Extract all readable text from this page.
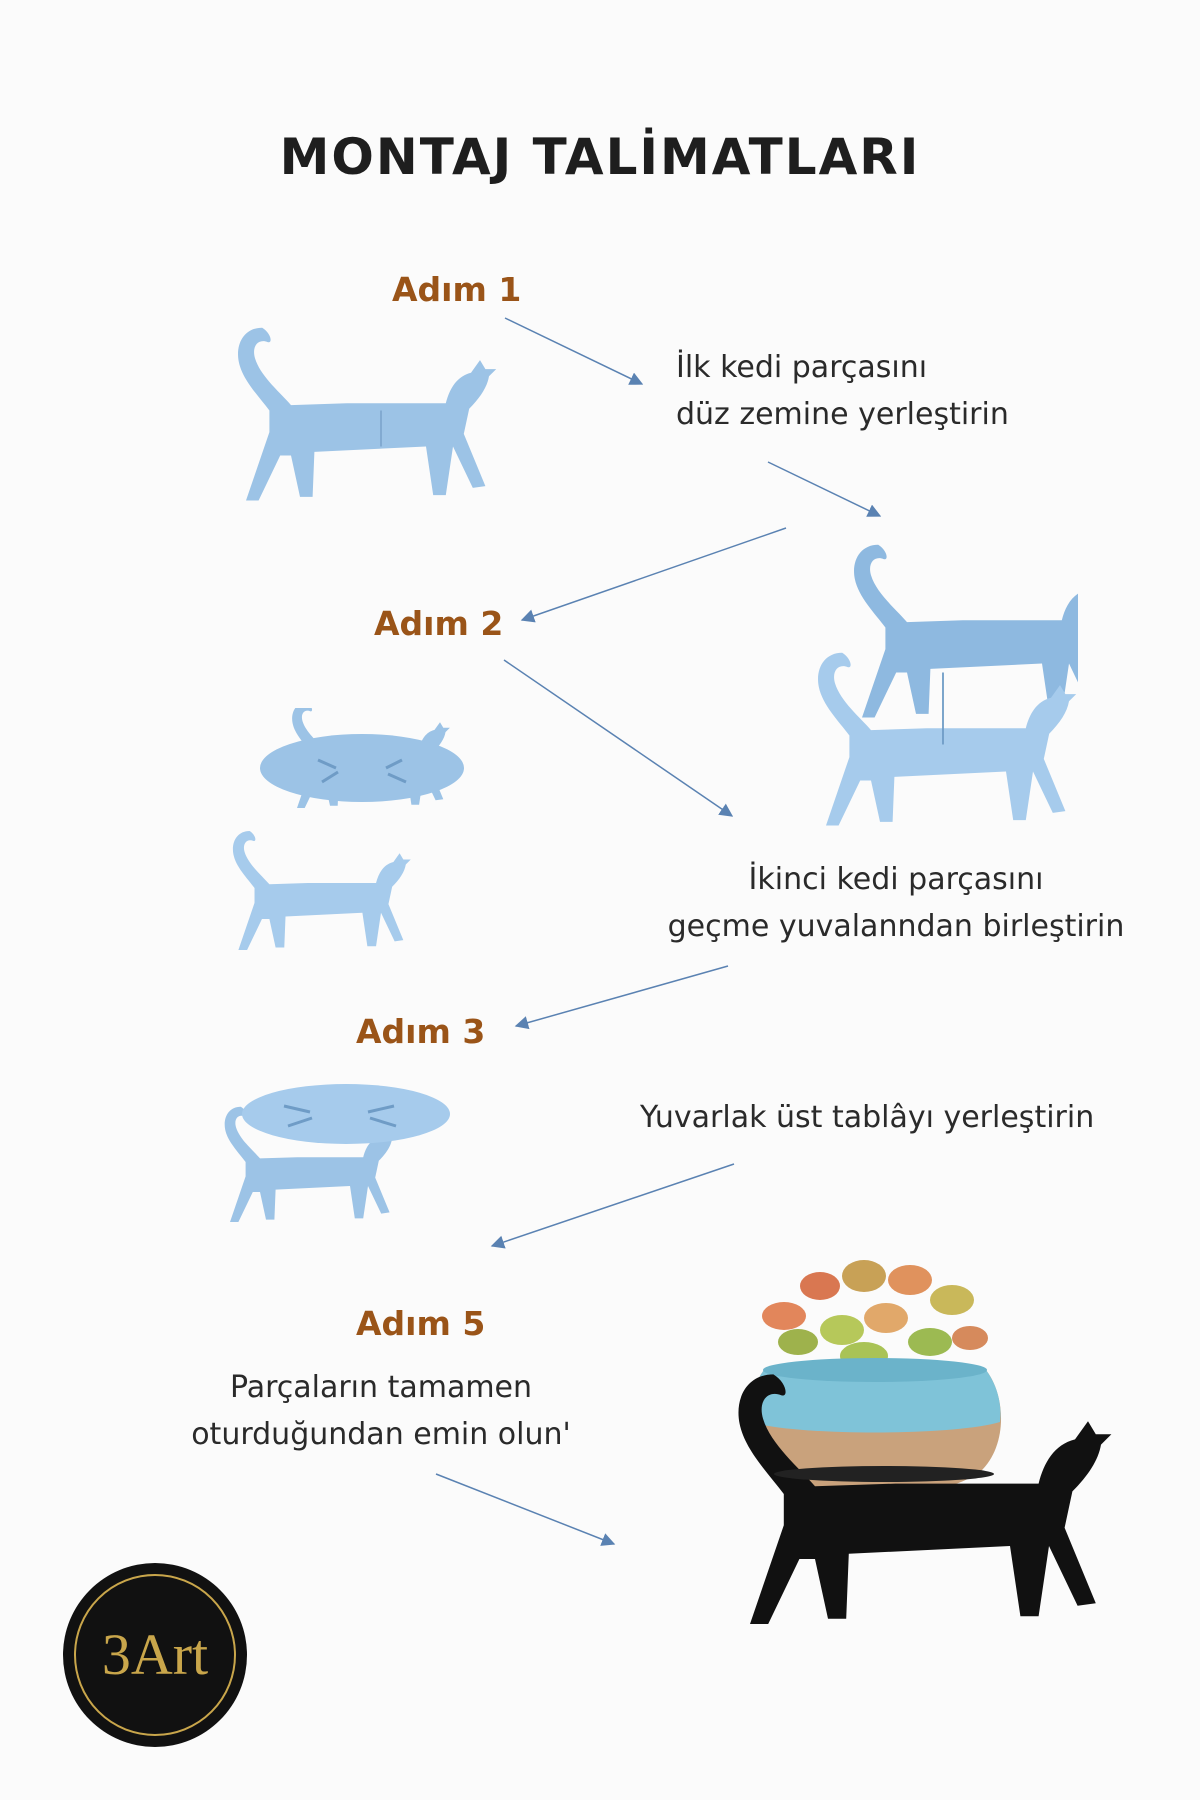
MONTAJ TALİMATLARI
Adım 1
Adım 2
Adım 3
Adım 5
İlk kedi parçasını
düz zemine yerleştirin
İkinci kedi parçasını
geçme yuvalanndan birleştirin
Yuvarlak üst tablâyı yerleştirin
Parçaların tamamen
oturduğundan emin olun'
3Art
